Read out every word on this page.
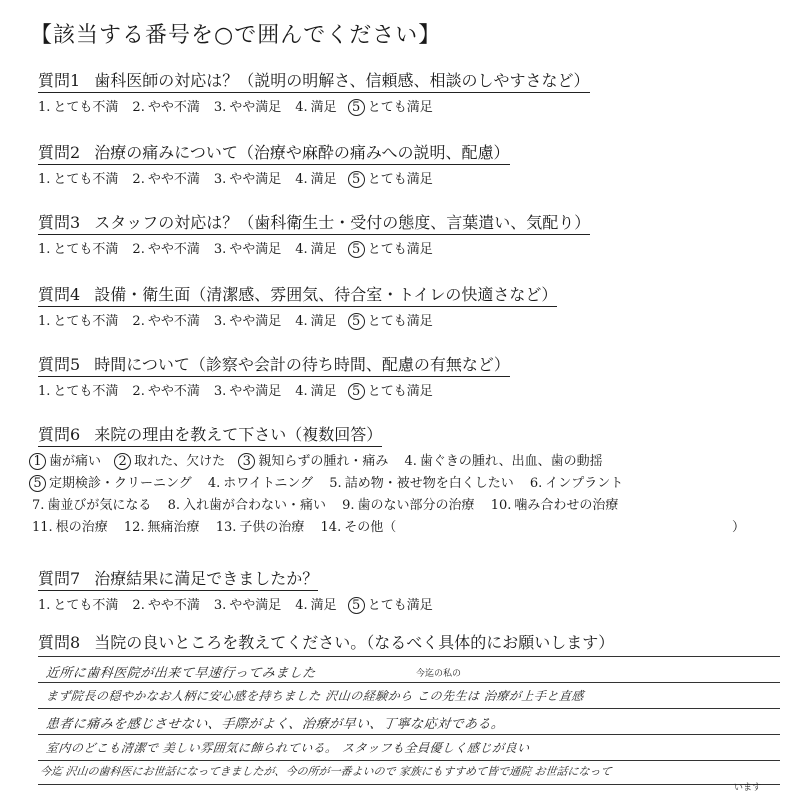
【該当する番号を○で囲んでください】
質問1 歯科医師の対応は？（説明の明解さ、信頼感、相談のしやすさなど）
1. とても不満 2. やや不満 3. やや満足 4. 満足 5 とても満足
質問2 治療の痛みについて（治療や麻酔の痛みへの説明、配慮）
1. とても不満 2. やや不満 3. やや満足 4. 満足 5 とても満足
質問3 スタッフの対応は？（歯科衛生士・受付の態度、言葉遣い、気配り）
1. とても不満 2. やや不満 3. やや満足 4. 満足 5 とても満足
質問4 設備・衛生面（清潔感、雰囲気、待合室・トイレの快適さなど）
1. とても不満 2. やや不満 3. やや満足 4. 満足 5 とても満足
質問5 時間について（診察や会計の待ち時間、配慮の有無など）
1. とても不満 2. やや不満 3. やや満足 4. 満足 5 とても満足
質問6 来院の理由を教えて下さい（複数回答）
1 歯が痛い 2 取れた、欠けた 3 親知らずの腫れ・痛み 4. 歯ぐきの腫れ、出血、歯の動揺
5 定期検診・クリーニング 4. ホワイトニング 5. 詰め物・被せ物を白くしたい 6. インプラント
7. 歯並びが気になる 8. 入れ歯が合わない・痛い 9. 歯のない部分の治療 10. 噛み合わせの治療
11. 根の治療 12. 無痛治療 13. 子供の治療 14. その他（	）
質問7 治療結果に満足できましたか？
1. とても不満 2. やや不満 3. やや満足 4. 満足 5 とても満足
質問8 当院の良いところを教えてください。（なるべく具体的にお願いします）
近所に歯科医院が出来て早速行ってみました	今迄の私の
まず院長の穏やかなお人柄に安心感を持ちました 沢山の経験から この先生は 治療が上手と直感
患者に痛みを感じさせない、手際がよく、治療が早い、丁寧な応対である。
室内のどこも清潔で 美しい雰囲気に飾られている。 スタッフも全員優しく感じが良い
今迄 沢山の歯科医にお世話になってきましたが、今の所が一番よいので 家族にもすすめて皆で通院 お世話になって
います
